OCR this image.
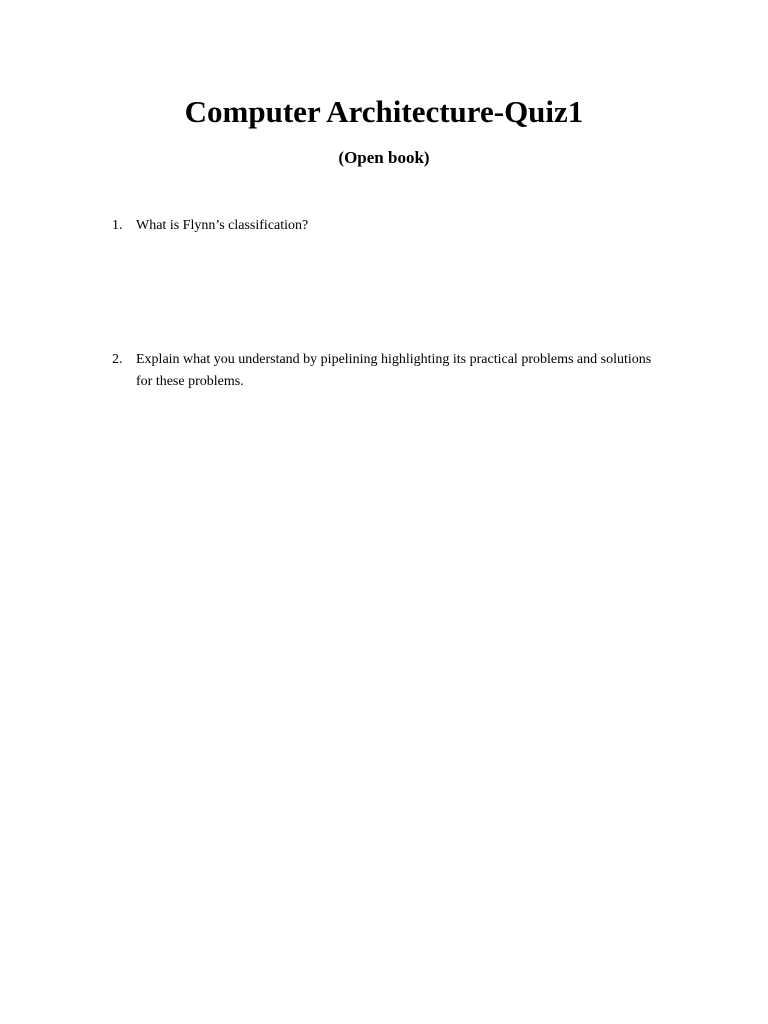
Computer Architecture-Quiz1
(Open book)
1. What is Flynn’s classification?
2. Explain what you understand by pipelining highlighting its practical problems and solutions for these problems.
